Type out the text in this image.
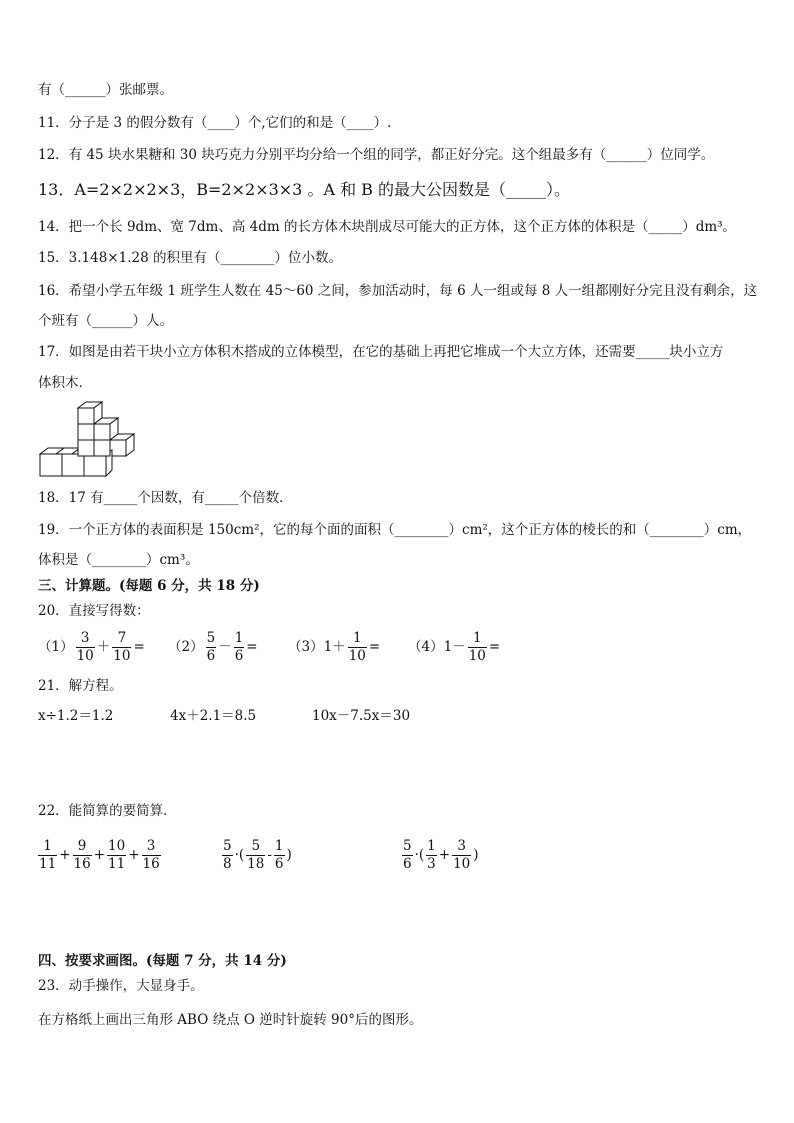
有（______）张邮票。
11．分子是 3 的假分数有（____）个,它们的和是（____）.
12．有 45 块水果糖和 30 块巧克力分别平均分给一个组的同学，都正好分完。这个组最多有（______）位同学。
13．A=2×2×2×3，B=2×2×3×3 。A 和 B 的最大公因数是（_____）。
14．把一个长 9dm、宽 7dm、高 4dm 的长方体木块削成尽可能大的正方体，这个正方体的体积是（_____）dm³。
15．3.148×1.28 的积里有（________）位小数。
16．希望小学五年级 1 班学生人数在 45～60 之间，参加活动时，每 6 人一组或每 8 人一组都刚好分完且没有剩余，这
个班有（______）人。
17．如图是由若干块小立方体积木搭成的立体模型，在它的基础上再把它堆成一个大立方体，还需要_____块小立方
体积木．
18．17 有_____个因数，有_____个倍数．
19．一个正方体的表面积是 150cm²，它的每个面的面积（________）cm²，这个正方体的棱长的和（________）cm，
体积是（________）cm³。
三、计算题。(每题 6 分，共 18 分)
20．直接写得数：
$(1) \frac{3}{10} + \frac{7}{10} = (2) \frac{5}{6} - \frac{1}{6} = (3)1+ \frac{1}{10} = (4)1- \frac{1}{10}$ =
21．解方程。
x÷1.2＝1.2	4x＋2.1＝8.5	10x－7.5x＝30
22．能简算的要简算．
$\frac{1}{11} + \frac{9}{16} + \frac{10}{11} + \frac{3}{16}$	$\frac{5}{8}$ ·( $\frac{5}{18} - \frac{1}{6}$ )	$\frac{5}{6}$ ·( $\frac{1}{3} + \frac{3}{10}$ )
四、按要求画图。(每题 7 分，共 14 分)
23．动手操作，大显身手。
在方格纸上画出三角形 ABO 绕点 O 逆时针旋转 90°后的图形。
